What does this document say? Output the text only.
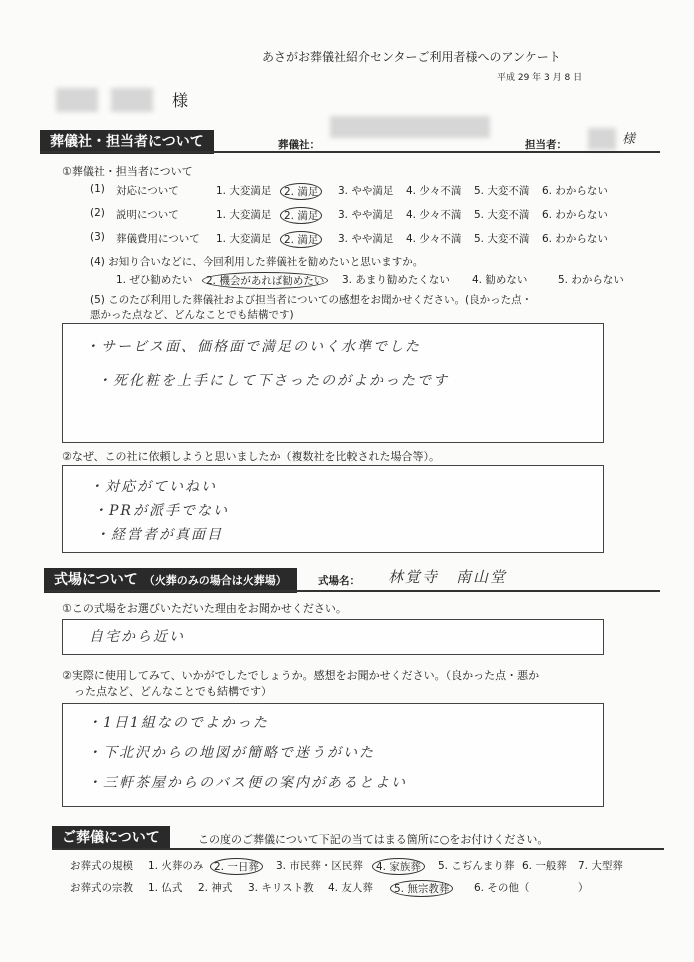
あさがお葬儀社紹介センターご利用者様へのアンケート
平成 29 年 3 月 8 日

様
葬儀社・担当者について	葬儀社：	担当者：	様
①葬儀社・担当者について
(1)	対応について	1. 大変満足	2. 満足	3. やや満足	4. 少々不満	5. 大変不満	6. わからない
(2)	説明について	1. 大変満足	2. 満足	3. やや満足	4. 少々不満	5. 大変不満	6. わからない
(3)	葬儀費用について	1. 大変満足	2. 満足	3. やや満足	4. 少々不満	5. 大変不満	6. わからない
(4) お知り合いなどに、今回利用した葬儀社を勧めたいと思いますか。
1. ぜひ勧めたい	2. 機会があれば勧めたい	3. あまり勧めたくない	4. 勧めない	5. わからない
(5) このたび利用した葬儀社および担当者についての感想をお聞かせください。(良かった点・
悪かった点など、どんなことでも結構です)
・サービス面、価格面で満足のいく水準でした
・死化粧を上手にして下さったのがよかったです
②なぜ、この社に依頼しようと思いましたか（複数社を比較された場合等）。
・対応がていねい
・PRが派手でない
・経営者が真面目
式場について （火葬のみの場合は火葬場）	式場名： 林覚寺　南山堂
①この式場をお選びいただいた理由をお聞かせください。
自宅から近い
②実際に使用してみて、いかがでしたでしょうか。感想をお聞かせください。（良かった点・悪か
った点など、どんなことでも結構です）
・1日1組なのでよかった
・下北沢からの地図が簡略で迷うがいた
・三軒茶屋からのバス便の案内があるとよい
ご葬儀について	この度のご葬儀について下記の当てはまる箇所に○をお付けください。
お葬式の規模	1. 火葬のみ	2. 一日葬	3. 市民葬・区民葬	4. 家族葬	5. こぢんまり葬 6. 一般葬	7. 大型葬
お葬式の宗教	1. 仏式	2. 神式	3. キリスト教	4. 友人葬	5. 無宗教葬	6. その他（	）
